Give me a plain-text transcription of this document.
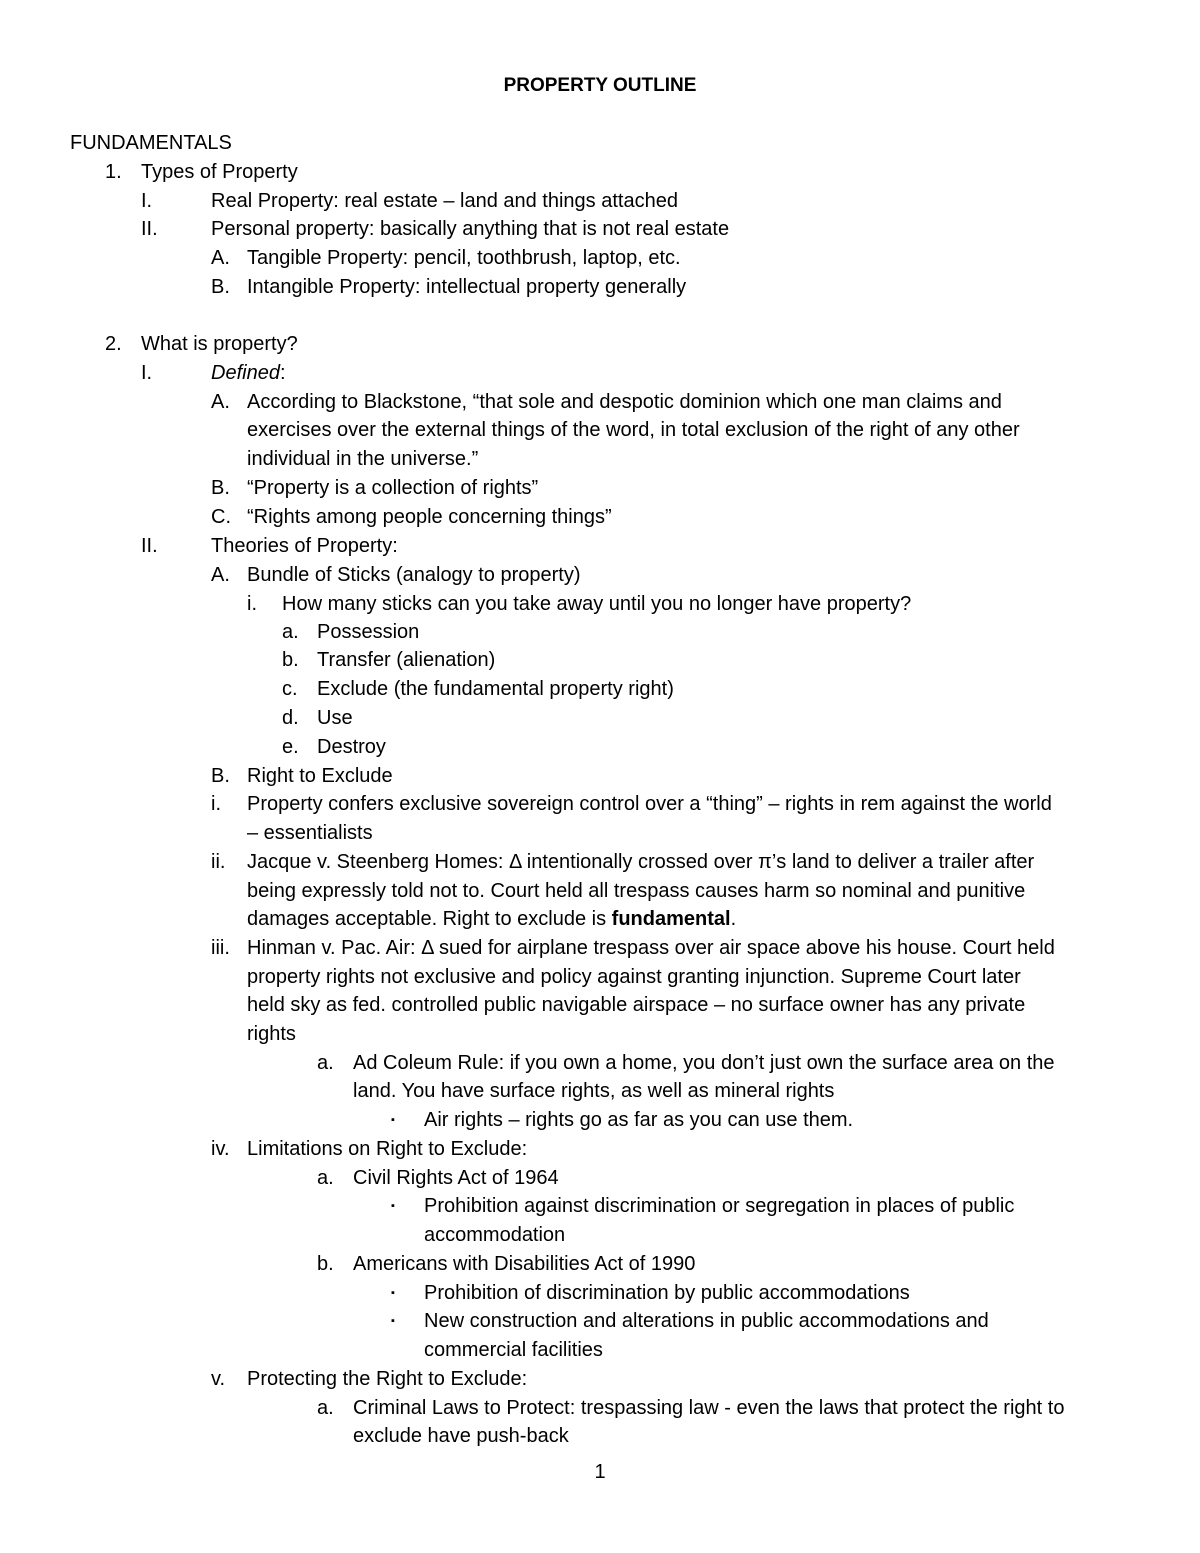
PROPERTY OUTLINE
FUNDAMENTALS
1. Types of Property
I.	Real Property: real estate – land and things attached
II.	Personal property: basically anything that is not real estate
A. Tangible Property: pencil, toothbrush, laptop, etc.
B. Intangible Property: intellectual property generally
2. What is property?
I.	Defined:
A. According to Blackstone, “that sole and despotic dominion which one man claims and
exercises over the external things of the word, in total exclusion of the right of any other
individual in the universe.”
B. “Property is a collection of rights”
C. “Rights among people concerning things”
II.	Theories of Property:
A. Bundle of Sticks (analogy to property)
i. How many sticks can you take away until you no longer have property?
a. Possession
b. Transfer (alienation)
c. Exclude (the fundamental property right)
d. Use
e. Destroy
B. Right to Exclude
i. Property confers exclusive sovereign control over a “thing” – rights in rem against the world
– essentialists
ii. Jacque v. Steenberg Homes: Δ intentionally crossed over π’s land to deliver a trailer after
being expressly told not to. Court held all trespass causes harm so nominal and punitive
damages acceptable. Right to exclude is fundamental.
iii. Hinman v. Pac. Air: Δ sued for airplane trespass over air space above his house. Court held
property rights not exclusive and policy against granting injunction. Supreme Court later
held sky as fed. controlled public navigable airspace – no surface owner has any private
rights
a. Ad Coleum Rule: if you own a home, you don’t just own the surface area on the
land. You have surface rights, as well as mineral rights
▪ Air rights – rights go as far as you can use them.
iv. Limitations on Right to Exclude:
a. Civil Rights Act of 1964
▪ Prohibition against discrimination or segregation in places of public
accommodation
b. Americans with Disabilities Act of 1990
▪ Prohibition of discrimination by public accommodations
▪ New construction and alterations in public accommodations and
commercial facilities
v. Protecting the Right to Exclude:
a. Criminal Laws to Protect: trespassing law - even the laws that protect the right to
exclude have push-back
1
